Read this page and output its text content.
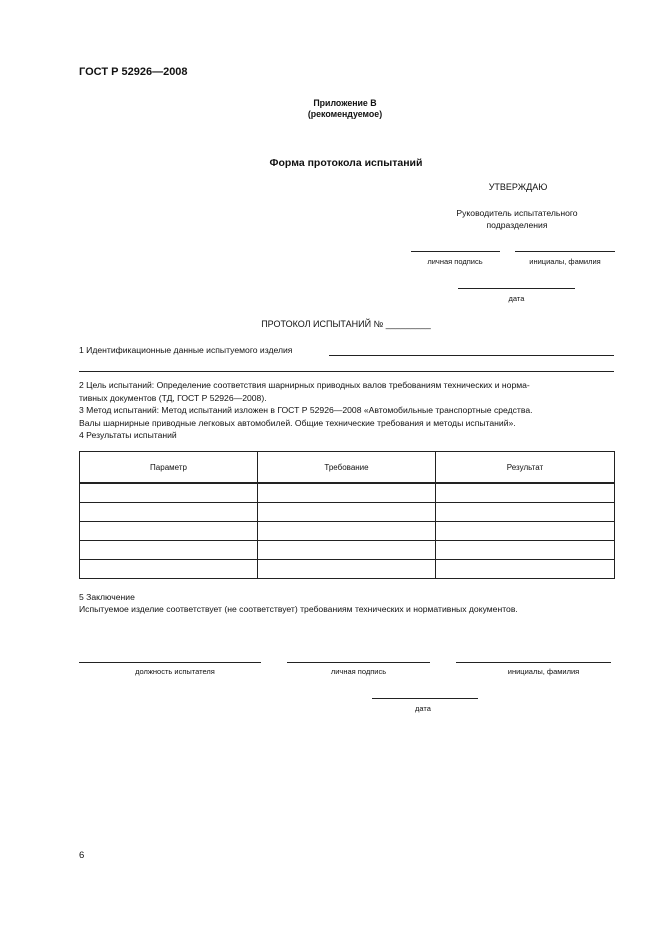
ГОСТ Р 52926—2008
Приложение В
(рекомендуемое)
Форма протокола испытаний
УТВЕРЖДАЮ
Руководитель испытательного
подразделения
личная подпись	инициалы, фамилия
дата
ПРОТОКОЛ ИСПЫТАНИЙ № _________
1 Идентификационные данные испытуемого изделия
2 Цель испытаний: Определение соответствия шарнирных приводных валов требованиям технических и норма-
тивных документов (ТД, ГОСТ Р 52926—2008).
3 Метод испытаний: Метод испытаний изложен в ГОСТ Р 52926—2008 «Автомобильные транспортные средства.
Валы шарнирные приводные легковых автомобилей. Общие технические требования и методы испытаний».
4 Результаты испытаний
Параметр	Требование	Результат

5 Заключение
Испытуемое изделие соответствует (не соответствует) требованиям технических и нормативных документов.
должность испытателя	личная подпись	инициалы, фамилия
дата
6
